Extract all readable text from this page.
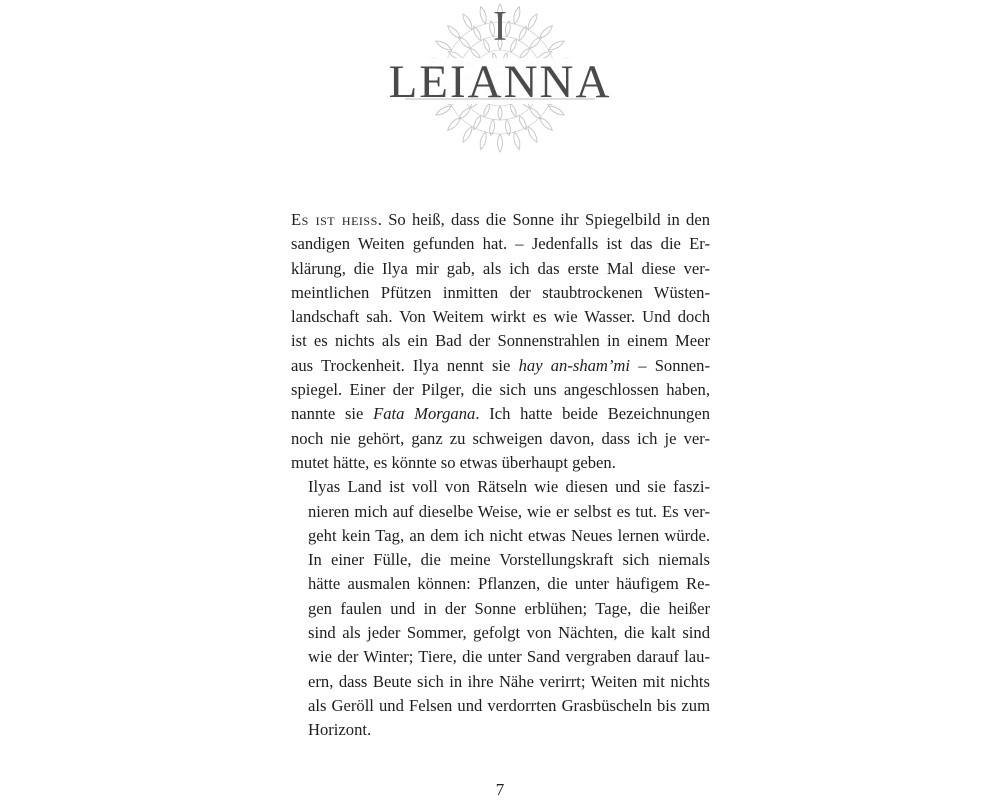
I
LEIANNA

Es ist heiss. So heiß, dass die Sonne ihr Spiegelbild in den
sandigen Weiten gefunden hat. – Jedenfalls ist das die Er-
klärung, die Ilya mir gab, als ich das erste Mal diese ver-
meintlichen Pfützen inmitten der staubtrockenen Wüsten-
landschaft sah. Von Weitem wirkt es wie Wasser. Und doch
ist es nichts als ein Bad der Sonnenstrahlen in einem Meer
aus Trockenheit. Ilya nennt sie hay an-sham’mi – Sonnen-
spiegel. Einer der Pilger, die sich uns angeschlossen haben,
nannte sie Fata Morgana. Ich hatte beide Bezeichnungen
noch nie gehört, ganz zu schweigen davon, dass ich je ver-
mutet hätte, es könnte so etwas überhaupt geben.

Ilyas Land ist voll von Rätseln wie diesen und sie faszi-
nieren mich auf dieselbe Weise, wie er selbst es tut. Es ver-
geht kein Tag, an dem ich nicht etwas Neues lernen würde.
In einer Fülle, die meine Vorstellungskraft sich niemals
hätte ausmalen können: Pflanzen, die unter häufigem Re-
gen faulen und in der Sonne erblühen; Tage, die heißer
sind als jeder Sommer, gefolgt von Nächten, die kalt sind
wie der Winter; Tiere, die unter Sand vergraben darauf lau-
ern, dass Beute sich in ihre Nähe verirrt; Weiten mit nichts
als Geröll und Felsen und verdorrten Grasbüscheln bis zum
Horizont.

7
